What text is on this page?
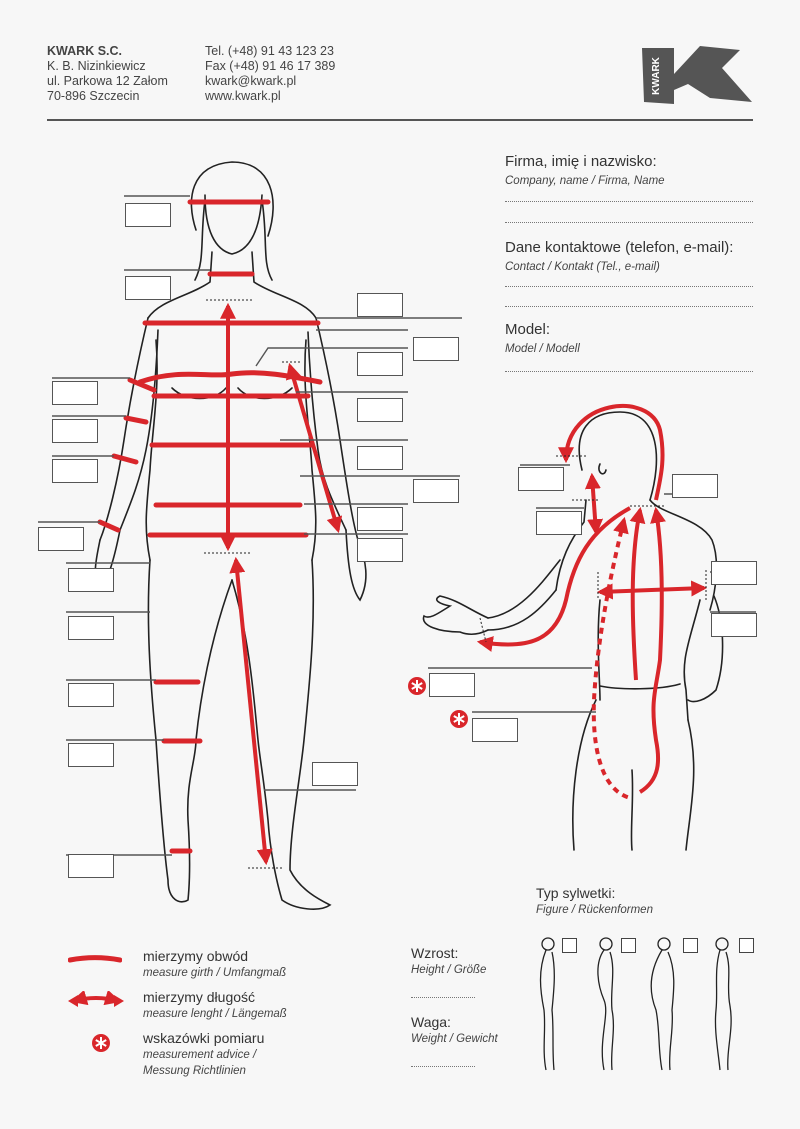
KWARK S.C.
K. B. Nizinkiewicz
ul. Parkowa 12 Załom
70-896 Szczecin
Tel. (+48) 91 43 123 23
Fax (+48) 91 46 17 389
kwark@kwark.pl
www.kwark.pl
KWARK
Firma, imię i nazwisko:
Company, name / Firma, Name
Dane kontaktowe (telefon, e-mail):
Contact / Kontakt (Tel., e-mail)
Model:
Model / Modell
mierzymy obwód
measure girth / Umfangmaß
mierzymy długość
measure lenght / Längemaß
wskazówki pomiaru
measurement advice /
Messung Richtlinien
Wzrost:
Height / Größe
Waga:
Weight / Gewicht
Typ sylwetki:
Figure / Rückenformen
